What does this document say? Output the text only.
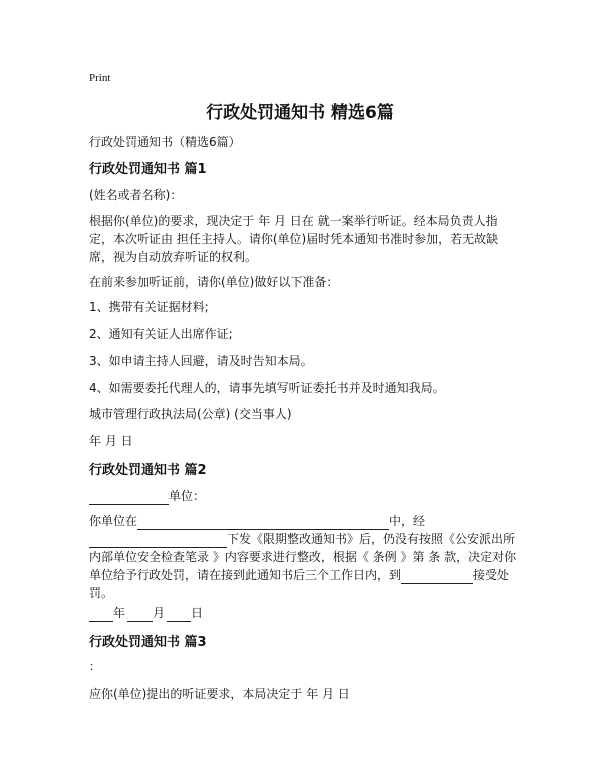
Print
行政处罚通知书 精选6篇
行政处罚通知书（精选6篇）
行政处罚通知书 篇1
(姓名或者名称)：
根据你(单位)的要求，现决定于 年 月 日在 就一案举行听证。经本局负责人指定，本次听证由 担任主持人。请你(单位)届时凭本通知书准时参加，若无故缺席，视为自动放弃听证的权利。
在前来参加听证前，请你(单位)做好以下准备：
1、携带有关证据材料;
2、通知有关证人出席作证;
3、如申请主持人回避，请及时告知本局。
4、如需要委托代理人的，请事先填写听证委托书并及时通知我局。
城市管理行政执法局(公章) (交当事人)
年 月 日
行政处罚通知书 篇2
单位：
你单位在	中，经
下发《限期整改通知书》后，仍没有按照《公安派出所
内部单位安全检查笔录 》内容要求进行整改，根据《 条例 》第 条 款，决定对你
单位给予行政处罚，请在接到此通知书后三个工作日内，到	接受处
罚。
年 月 日
行政处罚通知书 篇3
：
应你(单位)提出的听证要求，本局决定于 年 月 日
